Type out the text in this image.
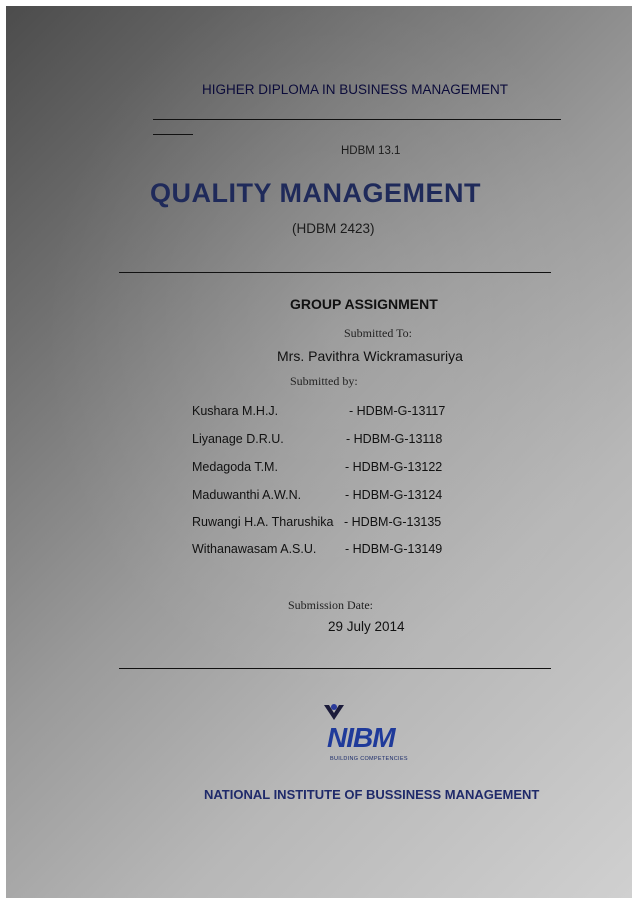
HIGHER DIPLOMA IN BUSINESS MANAGEMENT
HDBM 13.1
QUALITY MANAGEMENT
(HDBM 2423)
GROUP ASSIGNMENT
Submitted To:
Mrs. Pavithra Wickramasuriya
Submitted by:
Kushara M.H.J.	- HDBM-G-13117
Liyanage D.R.U.	- HDBM-G-13118
Medagoda T.M.	- HDBM-G-13122
Maduwanthi A.W.N.	- HDBM-G-13124
Ruwangi H.A. Tharushika - HDBM-G-13135
Withanawasam A.S.U. - HDBM-G-13149
Submission Date:
29 July 2014
NIBM
BUILDING COMPETENCIES
NATIONAL INSTITUTE OF BUSSINESS MANAGEMENT
